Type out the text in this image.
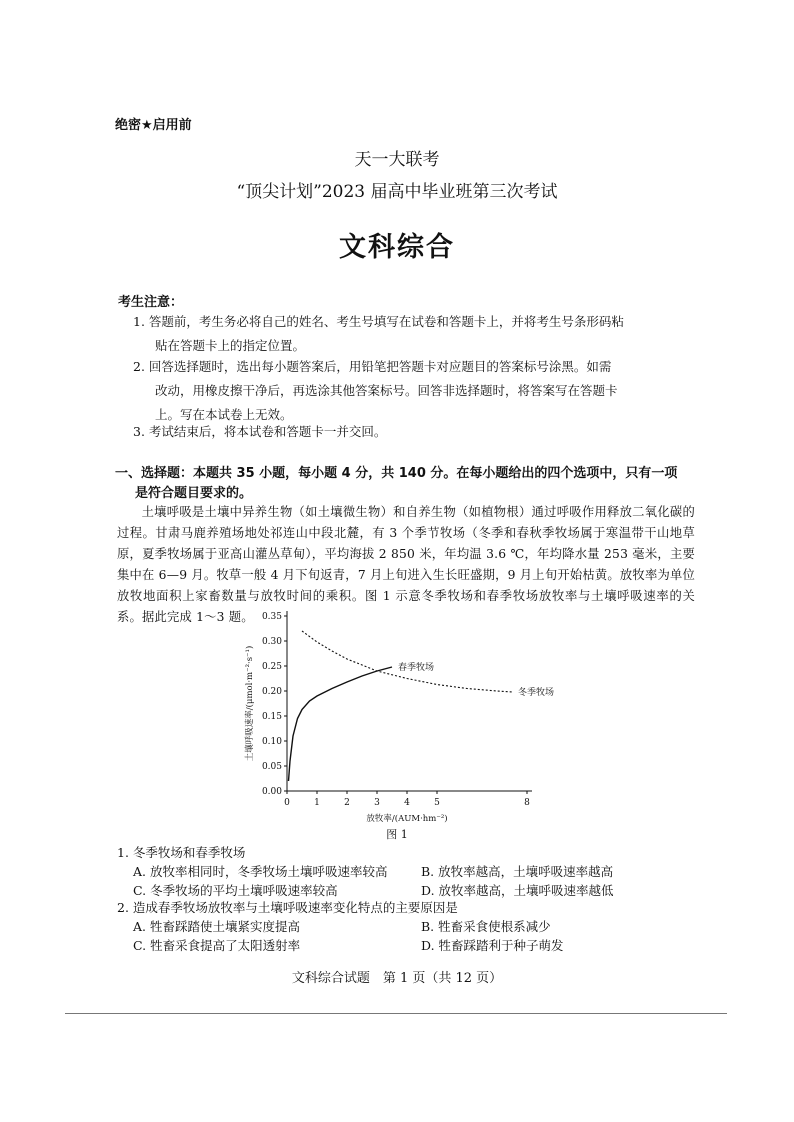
绝密★启用前
天一大联考
“顶尖计划”2023 届高中毕业班第三次考试
文科综合
考生注意：
1. 答题前，考生务必将自己的姓名、考生号填写在试卷和答题卡上，并将考生号条形码粘
贴在答题卡上的指定位置。
2. 回答选择题时，选出每小题答案后，用铅笔把答题卡对应题目的答案标号涂黑。如需
改动，用橡皮擦干净后，再选涂其他答案标号。回答非选择题时，将答案写在答题卡
上。写在本试卷上无效。
3. 考试结束后，将本试卷和答题卡一并交回。
一、选择题：本题共 35 小题，每小题 4 分，共 140 分。在每小题给出的四个选项中，只有一项
是符合题目要求的。
土壤呼吸是土壤中异养生物（如土壤微生物）和自养生物（如植物根）通过呼吸作用释放二氧化碳的过程。甘肃马鹿养殖场地处祁连山中段北麓，有 3 个季节牧场（冬季和春秋季牧场属于寒温带干山地草原，夏季牧场属于亚高山灌丛草甸），平均海拔 2 850 米，年均温 3.6 ℃，年均降水量 253 毫米，主要集中在 6—9 月。牧草一般 4 月下旬返青，7 月上旬进入生长旺盛期，9 月上旬开始枯黄。放牧率为单位放牧地面积上家畜数量与放牧时间的乘积。图 1 示意冬季牧场和春季牧场放牧率与土壤呼吸速率的关系。据此完成 1～3 题。
0.00
0.05
0.10
0.15
0.20
0.25
0.30
0.35
0	1	2	3	4	5	8
放牧率/(AUM·hm⁻²)
土壤呼吸速率/(μmol·m⁻²·s⁻¹)	春季牧场
冬季牧场
图 1
1. 冬季牧场和春季牧场
A. 放牧率相同时，冬季牧场土壤呼吸速率较高	B. 放牧率越高，土壤呼吸速率越高
C. 冬季牧场的平均土壤呼吸速率较高	D. 放牧率越高，土壤呼吸速率越低
2. 造成春季牧场放牧率与土壤呼吸速率变化特点的主要原因是
A. 牲畜踩踏使土壤紧实度提高	B. 牲畜采食使根系减少
C. 牲畜采食提高了太阳透射率	D. 牲畜踩踏利于种子萌发
文科综合试题　第 1 页（共 12 页）
